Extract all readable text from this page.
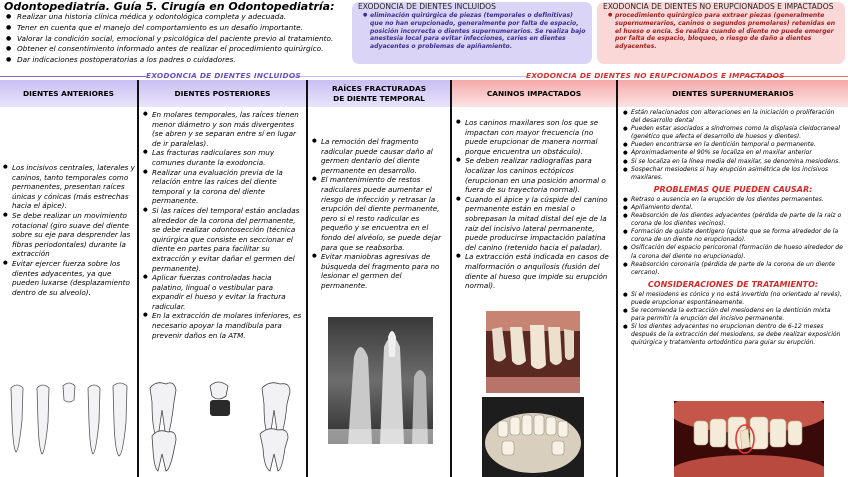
Odontopediatría. Guía 5. Cirugía en Odontopediatría:
● Realizar una historia clínica médica y odontológica completa y adecuada.
● Tener en cuenta que el manejo del comportamiento es un desafío importante.
● Valorar la condición social, emocional y psicológica del paciente previo al tratamiento.
● Obtener el consentimiento informado antes de realizar el procedimiento quirúrgico.
● Dar indicaciones postoperatorias a los padres o cuidadores.
EXODONCIA DE DIENTES INCLUIDOS
● eliminación quirúrgica de piezas (temporales o definitivas) que no han erupcionado, generalmente por falta de espacio, posición incorrecta o dientes supernumerarios. Se realiza bajo anestesia local para evitar infecciones, caries en dientes adyacentes o problemas de apiñamiento.
EXODONCIA DE DIENTES NO ERUPCIONADOS E IMPACTADOS
● procedimiento quirúrgico para extraer piezas (generalmente supernumerarios, caninos o segundos premolares) retenidas en el hueso o encía. Se realiza cuando el diente no puede emerger por falta de espacio, bloqueo, o riesgo de daño a dientes adyacentes.
EXODONCIA DE DIENTES INCLUIDOS	EXODONCIA DE DIENTES NO ERUPCIONADOS E IMPACTADOS
DIENTES ANTERIORES
● Los incisivos centrales, laterales y caninos, tanto temporales como permanentes, presentan raíces únicas y cónicas (más estrechas hacia el ápice).
● Se debe realizar un movimiento rotacional (giro suave del diente sobre su eje para desprender las fibras periodontales) durante la extracción
● Evitar ejercer fuerza sobre los dientes adyacentes, ya que pueden luxarse (desplazamiento dentro de su alveolo).
DIENTES POSTERIORES
● En molares temporales, las raíces tienen menor diámetro y son más divergentes (se abren y se separan entre sí en lugar de ir paralelas).
● Las fracturas radiculares son muy comunes durante la exodoncia.
● Realizar una evaluación previa de la relación entre las raíces del diente temporal y la corona del diente permanente.
● Si las raíces del temporal están ancladas alrededor de la corona del permanente, se debe realizar odontosección (técnica quirúrgica que consiste en seccionar el diente en partes para facilitar su extracción y evitar dañar el germen del permanente).
● Aplicar fuerzas controladas hacia palatino, lingual o vestibular para expandir el hueso y evitar la fractura radicular.
● En la extracción de molares inferiores, es necesario apoyar la mandíbula para prevenir daños en la ATM.
RAÍCES FRACTURADAS
DE DIENTE TEMPORAL
● La remoción del fragmento radicular puede causar daño al germen dentario del diente permanente en desarrollo.
● El mantenimiento de restos radiculares puede aumentar el riesgo de infección y retrasar la erupción del diente permanente, pero si el resto radicular es pequeño y se encuentra en el fondo del alvéolo, se puede dejar para que se reabsorba.
● Evitar maniobras agresivas de búsqueda del fragmento para no lesionar el germen del permanente.
CANINOS IMPACTADOS
● Los caninos maxilares son los que se impactan con mayor frecuencia (no puede erupcionar de manera normal porque encuentra un obstáculo).
● Se deben realizar radiografías para localizar los caninos ectópicos (erupcionan en una posición anormal o fuera de su trayectoria normal).
● Cuando el ápice y la cúspide del canino permanente están en mesial o sobrepasan la mitad distal del eje de la raíz del incisivo lateral permanente, puede producirse impactación palatina del canino (retenido hacia el paladar).
● La extracción está indicada en casos de malformación o anquilosis (fusión del diente al hueso que impide su erupción normal).
DIENTES SUPERNUMERARIOS
● Están relacionados con alteraciones en la iniciación o proliferación del desarrollo dental
● Pueden estar asociados a síndromes como la displasia cleidocraneal (genético que afecta el desarrollo de huesos y dientes).
● Pueden encontrarse en la dentición temporal o permanente.
● Aproximadamente el 90% se localiza en el maxilar anterior
● Si se localiza en la línea media del maxilar, se denomina mesiodens.
● Sospechar mesiodens si hay erupción asimétrica de los incisivos maxilares.
PROBLEMAS QUE PUEDEN CAUSAR:
● Retraso o ausencia en la erupción de los dientes permanentes.
● Apiñamiento dental.
● Reabsorción de los dientes adyacentes (pérdida de parte de la raíz o corona de los dientes vecinos).
● Formación de quiste dentígero (quiste que se forma alrededor de la corona de un diente no erupcionado).
● Osificación del espacio pericoronal (formación de hueso alrededor de la corona del diente no erupcionado).
● Reabsorción coronaria (pérdida de parte de la corona de un diente cercano).
CONSIDERACIONES DE TRATAMIENTO:
● Si el mesiodens es cónico y no está invertido (no orientado al revés), puede erupcionar espontáneamente.
● Se recomienda la extracción del mesiodens en la dentición mixta para permitir la erupción del incisivo permanente.
● Si los dientes adyacentes no erupcionan dentro de 6-12 meses después de la extracción del mesiodens, se debe realizar exposición quirúrgica y tratamiento ortodóntico para guiar su erupción.
